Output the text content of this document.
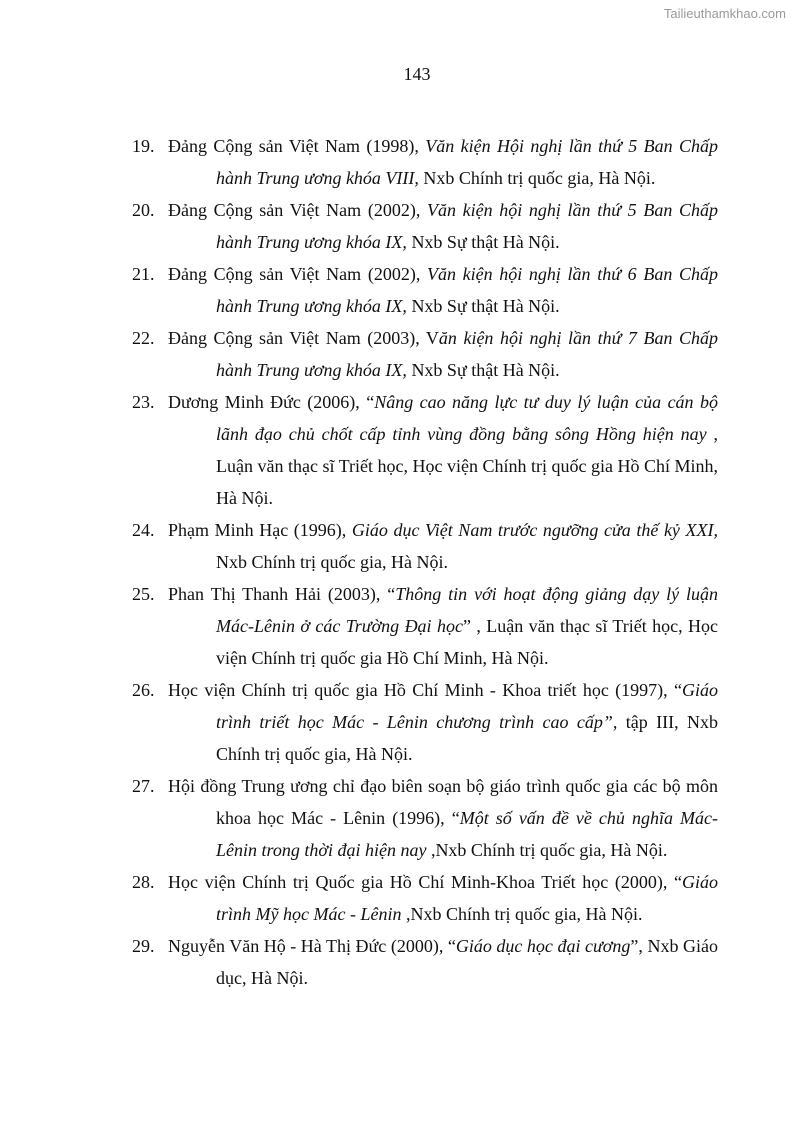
Tailieuthamkhao.com
143
19. Đảng Cộng sản Việt Nam (1998), Văn kiện Hội nghị lần thứ 5 Ban Chấp hành Trung ương khóa VIII, Nxb Chính trị quốc gia, Hà Nội.
20. Đảng Cộng sản Việt Nam (2002), Văn kiện hội nghị lần thứ 5 Ban Chấp hành Trung ương khóa IX, Nxb Sự thật Hà Nội.
21. Đảng Cộng sản Việt Nam (2002), Văn kiện hội nghị lần thứ 6 Ban Chấp hành Trung ương khóa IX, Nxb Sự thật Hà Nội.
22. Đảng Cộng sản Việt Nam (2003), Văn kiện hội nghị lần thứ 7 Ban Chấp hành Trung ương khóa IX, Nxb Sự thật Hà Nội.
23. Dương Minh Đức (2006), “Nâng cao năng lực tư duy lý luận của cán bộ lãnh đạo chủ chốt cấp tỉnh vùng đồng bằng sông Hồng hiện nay , Luận văn thạc sĩ Triết học, Học viện Chính trị quốc gia Hồ Chí Minh, Hà Nội.
24. Phạm Minh Hạc (1996), Giáo dục Việt Nam trước ngưỡng cửa thế kỷ XXI, Nxb Chính trị quốc gia, Hà Nội.
25. Phan Thị Thanh Hải (2003), “Thông tin với hoạt động giảng dạy lý luận Mác-Lênin ở các Trường Đại học” , Luận văn thạc sĩ Triết học, Học viện Chính trị quốc gia Hồ Chí Minh, Hà Nội.
26. Học viện Chính trị quốc gia Hồ Chí Minh - Khoa triết học (1997), “Giáo trình triết học Mác - Lênin chương trình cao cấp”, tập III, Nxb Chính trị quốc gia, Hà Nội.
27. Hội đồng Trung ương chỉ đạo biên soạn bộ giáo trình quốc gia các bộ môn khoa học Mác - Lênin (1996), “Một số vấn đề về chủ nghĩa Mác-Lênin trong thời đại hiện nay ,Nxb Chính trị quốc gia, Hà Nội.
28. Học viện Chính trị Quốc gia Hồ Chí Minh-Khoa Triết học (2000), “Giáo trình Mỹ học Mác - Lênin ,Nxb Chính trị quốc gia, Hà Nội.
29. Nguyễn Văn Hộ - Hà Thị Đức (2000), “Giáo dục học đại cương”, Nxb Giáo dục, Hà Nội.
